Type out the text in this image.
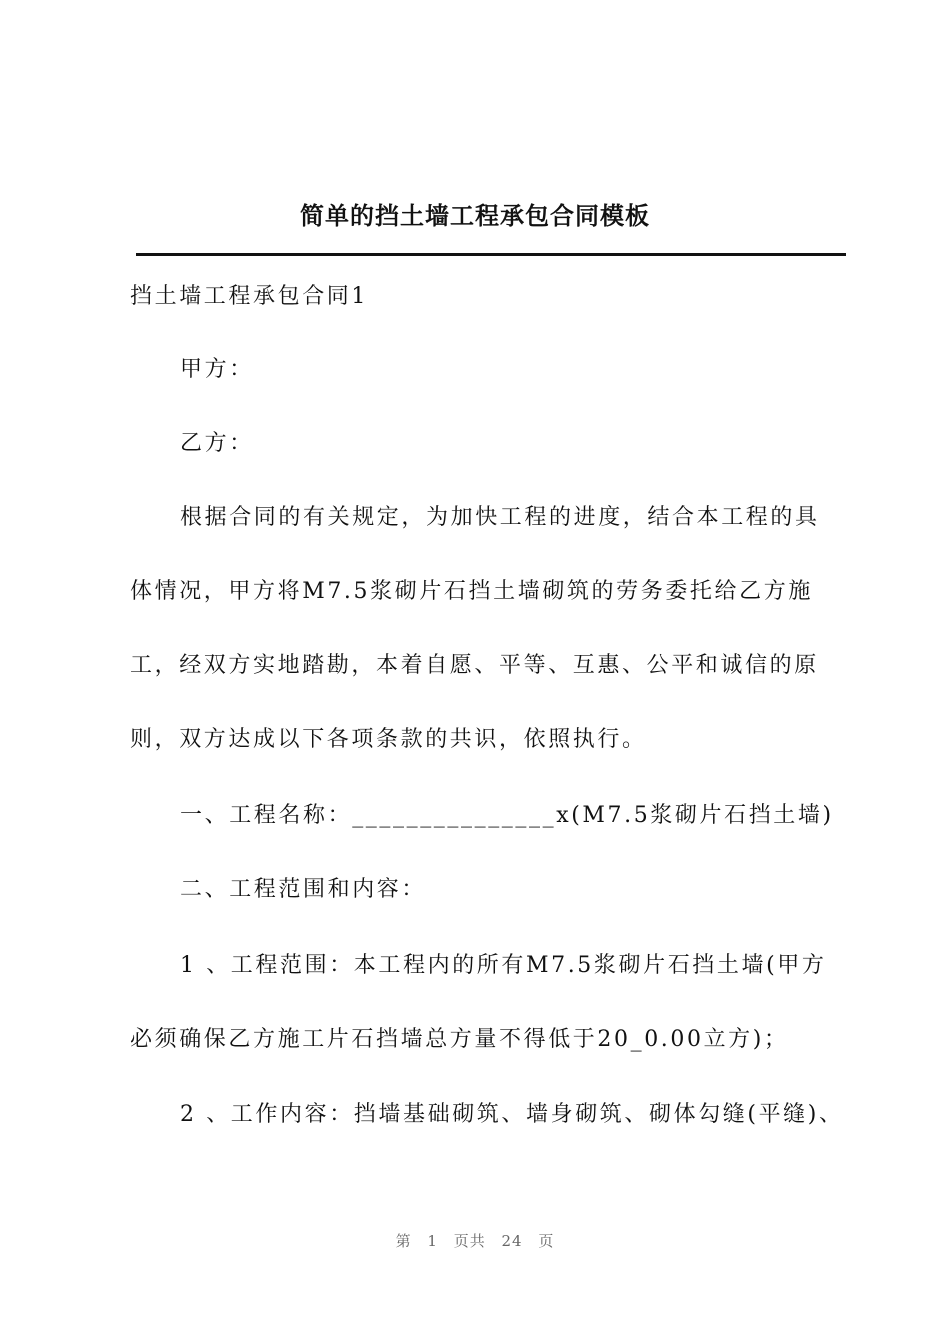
简单的挡土墙工程承包合同模板
挡土墙工程承包合同1
甲方：
乙方：
根据合同的有关规定，为加快工程的进度，结合本工程的具
体情况，甲方将M7.5浆砌片石挡土墙砌筑的劳务委托给乙方施
工，经双方实地踏勘，本着自愿、平等、互惠、公平和诚信的原
则，双方达成以下各项条款的共识，依照执行。
一、工程名称：_______________x(M7.5浆砌片石挡土墙)
二、工程范围和内容：
1 、工程范围：本工程内的所有M7.5浆砌片石挡土墙(甲方
必须确保乙方施工片石挡墙总方量不得低于20_0.00立方)；
2 、工作内容：挡墙基础砌筑、墙身砌筑、砌体勾缝(平缝)、
第 1 页共 24 页
